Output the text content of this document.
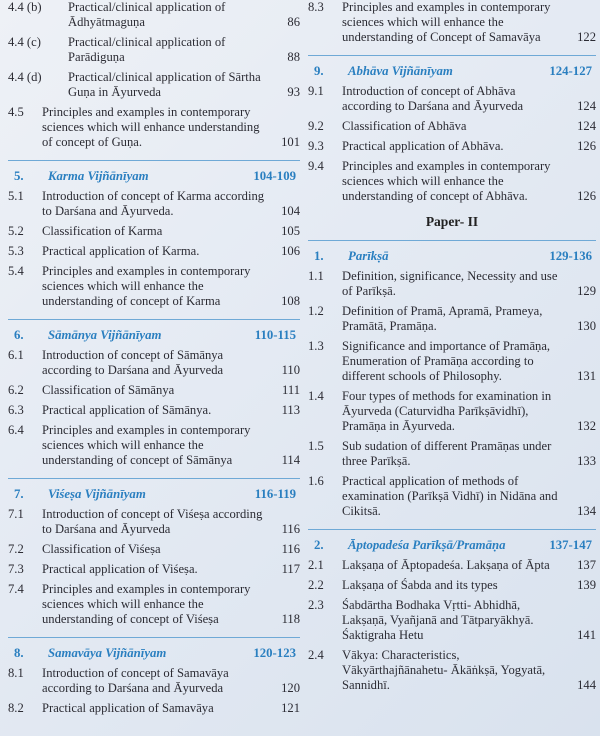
4.4 (b)	Practical/clinical application of Ādhyātmaguṇa	86
4.4 (c)	Practical/clinical application of Parādiguṇa	88
4.4 (d)	Practical/clinical application of Sārtha Guṇa in Āyurveda	93
4.5	Principles and examples in contemporary sciences which will enhance understanding of concept of Guṇa.	101
5. Karma Vijñānīyam	104-109
5.1	Introduction of concept of Karma according to Darśana and Āyurveda.	104
5.2	Classification of Karma	105
5.3	Practical application of Karma.	106
5.4	Principles and examples in contemporary sciences which will enhance the understanding of concept of Karma	108
6. Sāmānya Vijñānīyam	110-115
6.1	Introduction of concept of Sāmānya according to Darśana and Āyurveda	110
6.2	Classification of Sāmānya	111
6.3	Practical application of Sāmānya.	113
6.4	Principles and examples in contemporary sciences which will enhance the understanding of concept of Sāmānya	114
7. Viśeṣa Vijñānīyam	116-119
7.1	Introduction of concept of Viśeṣa according to Darśana and Āyurveda	116
7.2	Classification of Viśeṣa	116
7.3	Practical application of Viśeṣa.	117
7.4	Principles and examples in contemporary sciences which will enhance the understanding of concept of Viśeṣa	118
8. Samavāya Vijñānīyam	120-123
8.1	Introduction of concept of Samavāya according to Darśana and Āyurveda	120
8.2	Practical application of Samavāya	121
8.3	Principles and examples in contemporary sciences which will enhance the understanding of Concept of Samavāya	122
9. Abhāva Vijñānīyam	124-127
9.1	Introduction of concept of Abhāva according to Darśana and Āyurveda	124
9.2	Classification of Abhāva	124
9.3	Practical application of Abhāva.	126
9.4	Principles and examples in contemporary sciences which will enhance the understanding of concept of Abhāva.	126
Paper- II
1. Parīkṣā	129-136
1.1	Definition, significance, Necessity and use of Parīkṣā.	129
1.2	Definition of Pramā, Apramā, Prameya, Pramātā, Pramāṇa.	130
1.3	Significance and importance of Pramāṇa, Enumeration of Pramāṇa according to different schools of Philosophy.	131
1.4	Four types of methods for examination in Āyurveda (Caturvidha Parīkṣāvidhī), Pramāṇa in Āyurveda.	132
1.5	Sub sudation of different Pramāṇas under three Parīkṣā.	133
1.6	Practical application of methods of examination (Parīkṣā Vidhī) in Nidāna and Cikitsā.	134
2. Āptopadeśa Parīkṣā/Pramāṇa	137-147
2.1	Lakṣaṇa of Āptopadeśa. Lakṣaṇa of Āpta	137
2.2	Lakṣaṇa of Śabda and its types	139
2.3	Śabdārtha Bodhaka Vṛtti- Abhidhā, Lakṣaṇā, Vyañjanā and Tātparyākhyā. Śaktigraha Hetu	141
2.4	Vākya: Characteristics, Vākyārthajñānahetu- Ākāṅkṣā, Yogyatā, Sannidhī.	144
